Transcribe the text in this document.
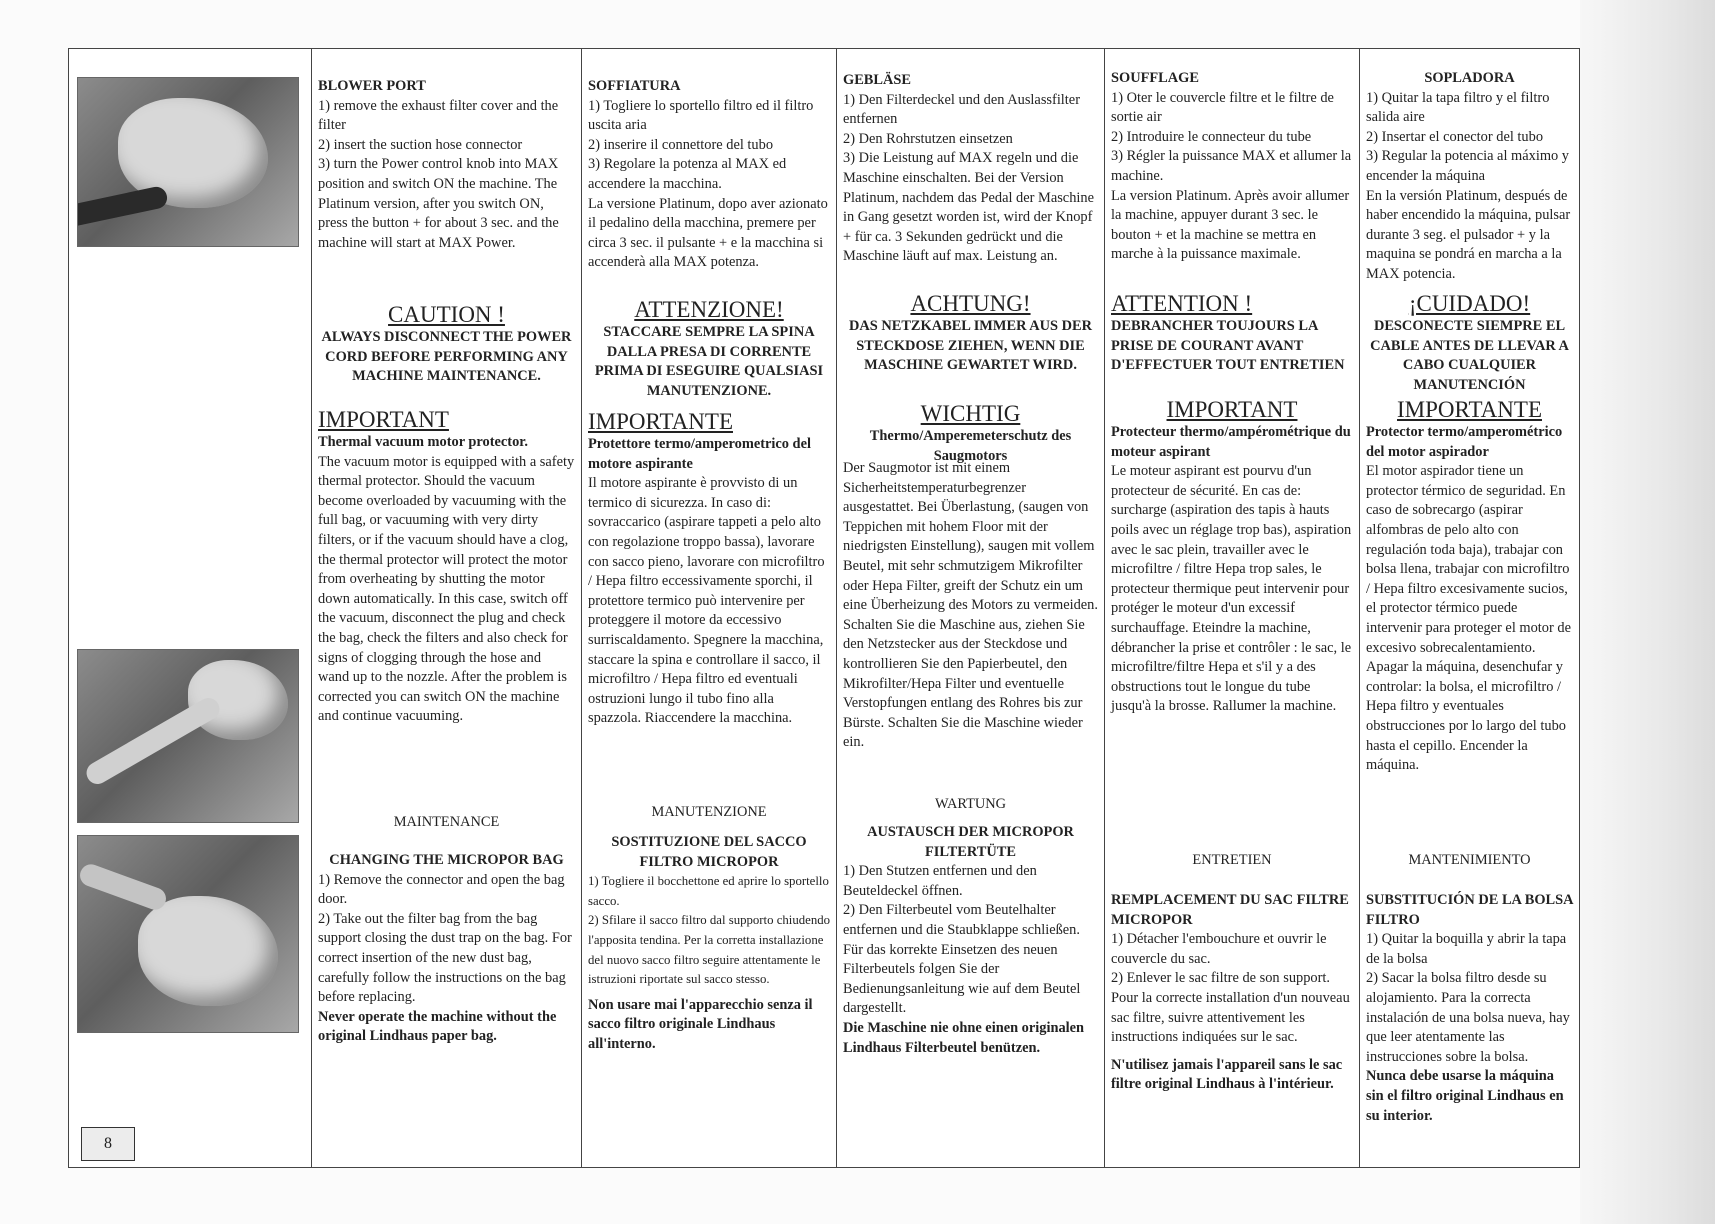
8

BLOWER PORT

1) remove the exhaust filter cover and the filter

2) insert the suction hose connector

3) turn the Power control knob into MAX position and switch ON the machine. The Platinum version, after you switch ON, press the button + for about 3 sec. and the machine will start at MAX Power.

CAUTION !

ALWAYS DISCONNECT THE POWER CORD BEFORE PERFORMING ANY MACHINE MAINTENANCE.

IMPORTANT

Thermal vacuum motor protector.

The vacuum motor is equipped with a safety thermal protector. Should the vacuum become overloaded by vacuuming with the full bag, or vacuuming with very dirty filters, or if the vacuum should have a clog, the thermal protector will protect the motor from overheating by shutting the motor down automatically. In this case, switch off the vacuum, disconnect the plug and check the bag, check the filters and also check for signs of clogging through the hose and wand up to the nozzle. After the problem is corrected you can switch ON the machine and continue vacuuming.

MAINTENANCE

CHANGING THE MICROPOR BAG

1) Remove the connector and open the bag door.

2) Take out the filter bag from the bag support closing the dust trap on the bag. For correct insertion of the new dust bag, carefully follow the instructions on the bag before replacing.

Never operate the machine without the original Lindhaus paper bag.

SOFFIATURA

1) Togliere lo sportello filtro ed il filtro uscita aria

2) inserire il connettore del tubo

3) Regolare la potenza al MAX ed accendere la macchina.

La versione Platinum, dopo aver azionato il pedalino della macchina, premere per circa 3 sec. il pulsante + e la macchina si accenderà alla MAX potenza.

ATTENZIONE!

STACCARE SEMPRE LA SPINA DALLA PRESA DI CORRENTE PRIMA DI ESEGUIRE QUALSIASI MANUTENZIONE.

IMPORTANTE

Protettore termo/amperometrico del motore aspirante

Il motore aspirante è provvisto di un termico di sicurezza. In caso di: sovraccarico (aspirare tappeti a pelo alto con regolazione troppo bassa), lavorare con sacco pieno, lavorare con microfiltro / Hepa filtro eccessivamente sporchi, il protettore termico può intervenire per proteggere il motore da eccessivo surriscaldamento. Spegnere la macchina, staccare la spina e controllare il sacco, il microfiltro / Hepa filtro ed eventuali ostruzioni lungo il tubo fino alla spazzola. Riaccendere la macchina.

MANUTENZIONE

SOSTITUZIONE DEL SACCO FILTRO MICROPOR

1) Togliere il bocchettone ed aprire lo sportello sacco.

2) Sfilare il sacco filtro dal supporto chiudendo l'apposita tendina. Per la corretta installazione del nuovo sacco filtro seguire attentamente le istruzioni riportate sul sacco stesso.

Non usare mai l'apparecchio senza il sacco filtro originale Lindhaus all'interno.

GEBLÄSE

1) Den Filterdeckel und den Auslassfilter entfernen

2) Den Rohrstutzen einsetzen

3) Die Leistung auf MAX regeln und die Maschine einschalten. Bei der Version Platinum, nachdem das Pedal der Maschine in Gang gesetzt worden ist, wird der Knopf + für ca. 3 Sekunden gedrückt und die Maschine läuft auf max. Leistung an.

ACHTUNG!

DAS NETZKABEL IMMER AUS DER STECKDOSE ZIEHEN, WENN DIE MASCHINE GEWARTET WIRD.

WICHTIG

Thermo/Amperemeterschutz des Saugmotors

Der Saugmotor ist mit einem Sicherheitstemperaturbegrenzer ausgestattet. Bei Überlastung, (saugen von Teppichen mit hohem Floor mit der niedrigsten Einstellung), saugen mit vollem Beutel, mit sehr schmutzigem Mikrofilter oder Hepa Filter, greift der Schutz ein um eine Überheizung des Motors zu vermeiden. Schalten Sie die Maschine aus, ziehen Sie den Netzstecker aus der Steckdose und kontrollieren Sie den Papierbeutel, den Mikrofilter/Hepa Filter und eventuelle Verstopfungen entlang des Rohres bis zur Bürste. Schalten Sie die Maschine wieder ein.

WARTUNG

AUSTAUSCH DER MICROPOR FILTERTÜTE

1) Den Stutzen entfernen und den Beuteldeckel öffnen.

2) Den Filterbeutel vom Beutelhalter entfernen und die Staubklappe schließen. Für das korrekte Einsetzen des neuen Filterbeutels folgen Sie der Bedienungsanleitung wie auf dem Beutel dargestellt.

Die Maschine nie ohne einen originalen Lindhaus Filterbeutel benützen.

SOUFFLAGE

1) Oter le couvercle filtre et le filtre de sortie air

2) Introduire le connecteur du tube

3) Régler la puissance MAX et allumer la machine.

La version Platinum. Après avoir allumer la machine, appuyer durant 3 sec. le bouton + et la machine se mettra en marche à la puissance maximale.

ATTENTION !

DEBRANCHER TOUJOURS LA PRISE DE COURANT AVANT D'EFFECTUER TOUT ENTRETIEN

IMPORTANT

Protecteur thermo/ampérométrique du moteur aspirant

Le moteur aspirant est pourvu d'un protecteur de sécurité. En cas de: surcharge (aspiration des tapis à hauts poils avec un réglage trop bas), aspiration avec le sac plein, travailler avec le microfiltre / filtre Hepa trop sales, le protecteur thermique peut intervenir pour protéger le moteur d'un excessif surchauffage. Eteindre la machine, débrancher la prise et contrôler : le sac, le microfiltre/filtre Hepa et s'il y a des obstructions tout le longue du tube jusqu'à la brosse. Rallumer la machine.

ENTRETIEN

REMPLACEMENT DU SAC FILTRE MICROPOR

1) Détacher l'embouchure et ouvrir le couvercle du sac.

2) Enlever le sac filtre de son support. Pour la correcte installation d'un nouveau sac filtre, suivre attentivement les instructions indiquées sur le sac.

N'utilisez jamais l'appareil sans le sac filtre original Lindhaus à l'intérieur.

SOPLADORA

1) Quitar la tapa filtro y el filtro salida aire

2) Insertar el conector del tubo

3) Regular la potencia al máximo y encender la máquina

En la versión Platinum, después de haber encendido la máquina, pulsar durante 3 seg. el pulsador + y la maquina se pondrá en marcha a la MAX potencia.

¡CUIDADO!

DESCONECTE SIEMPRE EL CABLE ANTES DE LLEVAR A CABO CUALQUIER MANUTENCIÓN

IMPORTANTE

Protector termo/amperométrico del motor aspirador

El motor aspirador tiene un protector térmico de seguridad. En caso de sobrecargo (aspirar alfombras de pelo alto con regulación toda baja), trabajar con bolsa llena, trabajar con microfiltro / Hepa filtro excesivamente sucios, el protector térmico puede intervenir para proteger el motor de excesivo sobrecalentamiento. Apagar la máquina, desenchufar y controlar: la bolsa, el microfiltro / Hepa filtro y eventuales obstrucciones por lo largo del tubo hasta el cepillo. Encender la máquina.

MANTENIMIENTO

SUBSTITUCIÓN DE LA BOLSA FILTRO

1) Quitar la boquilla y abrir la tapa de la bolsa

2) Sacar la bolsa filtro desde su alojamiento. Para la correcta instalación de una bolsa nueva, hay que leer atentamente las instrucciones sobre la bolsa.

Nunca debe usarse la máquina sin el filtro original Lindhaus en su interior.
